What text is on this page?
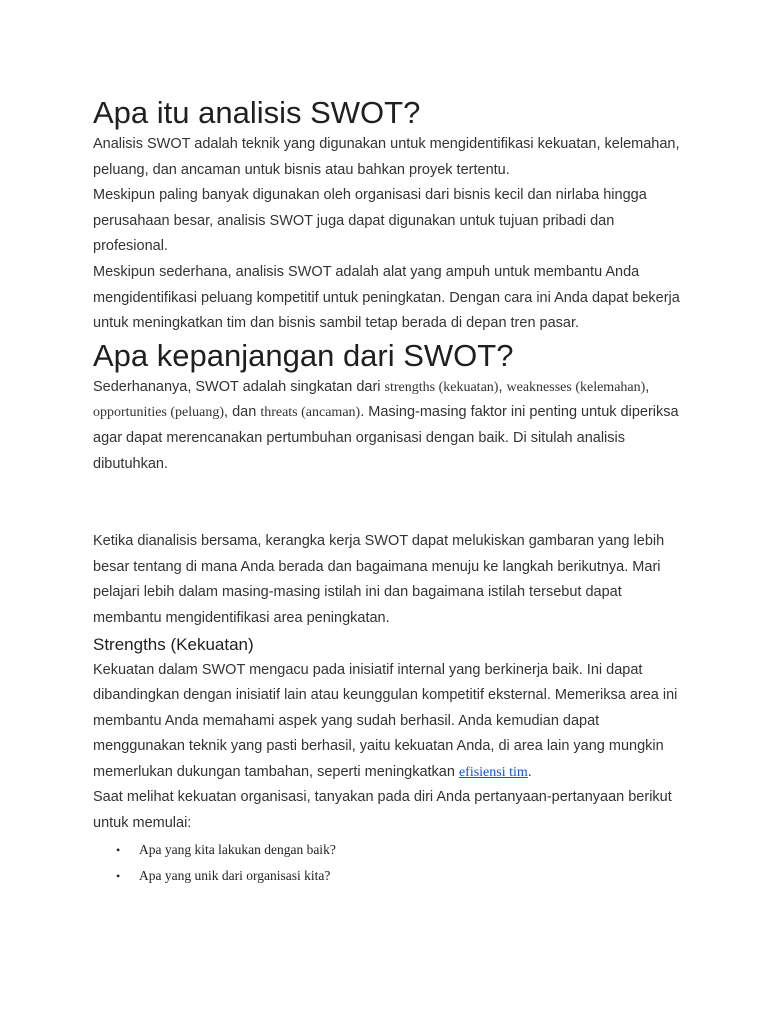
Apa itu analisis SWOT?

Analisis SWOT adalah teknik yang digunakan untuk mengidentifikasi kekuatan, kelemahan, peluang, dan ancaman untuk bisnis atau bahkan proyek tertentu.

Meskipun paling banyak digunakan oleh organisasi dari bisnis kecil dan nirlaba hingga perusahaan besar, analisis SWOT juga dapat digunakan untuk tujuan pribadi dan profesional.

Meskipun sederhana, analisis SWOT adalah alat yang ampuh untuk membantu Anda mengidentifikasi peluang kompetitif untuk peningkatan. Dengan cara ini Anda dapat bekerja untuk meningkatkan tim dan bisnis sambil tetap berada di depan tren pasar.

Apa kepanjangan dari SWOT?

Sederhananya, SWOT adalah singkatan dari strengths (kekuatan), weaknesses (kelemahan), opportunities (peluang), dan threats (ancaman). Masing-masing faktor ini penting untuk diperiksa agar dapat merencanakan pertumbuhan organisasi dengan baik. Di situlah analisis dibutuhkan.

Ketika dianalisis bersama, kerangka kerja SWOT dapat melukiskan gambaran yang lebih besar tentang di mana Anda berada dan bagaimana menuju ke langkah berikutnya. Mari pelajari lebih dalam masing-masing istilah ini dan bagaimana istilah tersebut dapat membantu mengidentifikasi area peningkatan.

Strengths (Kekuatan)

Kekuatan dalam SWOT mengacu pada inisiatif internal yang berkinerja baik. Ini dapat dibandingkan dengan inisiatif lain atau keunggulan kompetitif eksternal. Memeriksa area ini membantu Anda memahami aspek yang sudah berhasil. Anda kemudian dapat menggunakan teknik yang pasti berhasil, yaitu kekuatan Anda, di area lain yang mungkin memerlukan dukungan tambahan, seperti meningkatkan efisiensi tim.

Saat melihat kekuatan organisasi, tanyakan pada diri Anda pertanyaan-pertanyaan berikut untuk memulai:

• Apa yang kita lakukan dengan baik?
• Apa yang unik dari organisasi kita?
